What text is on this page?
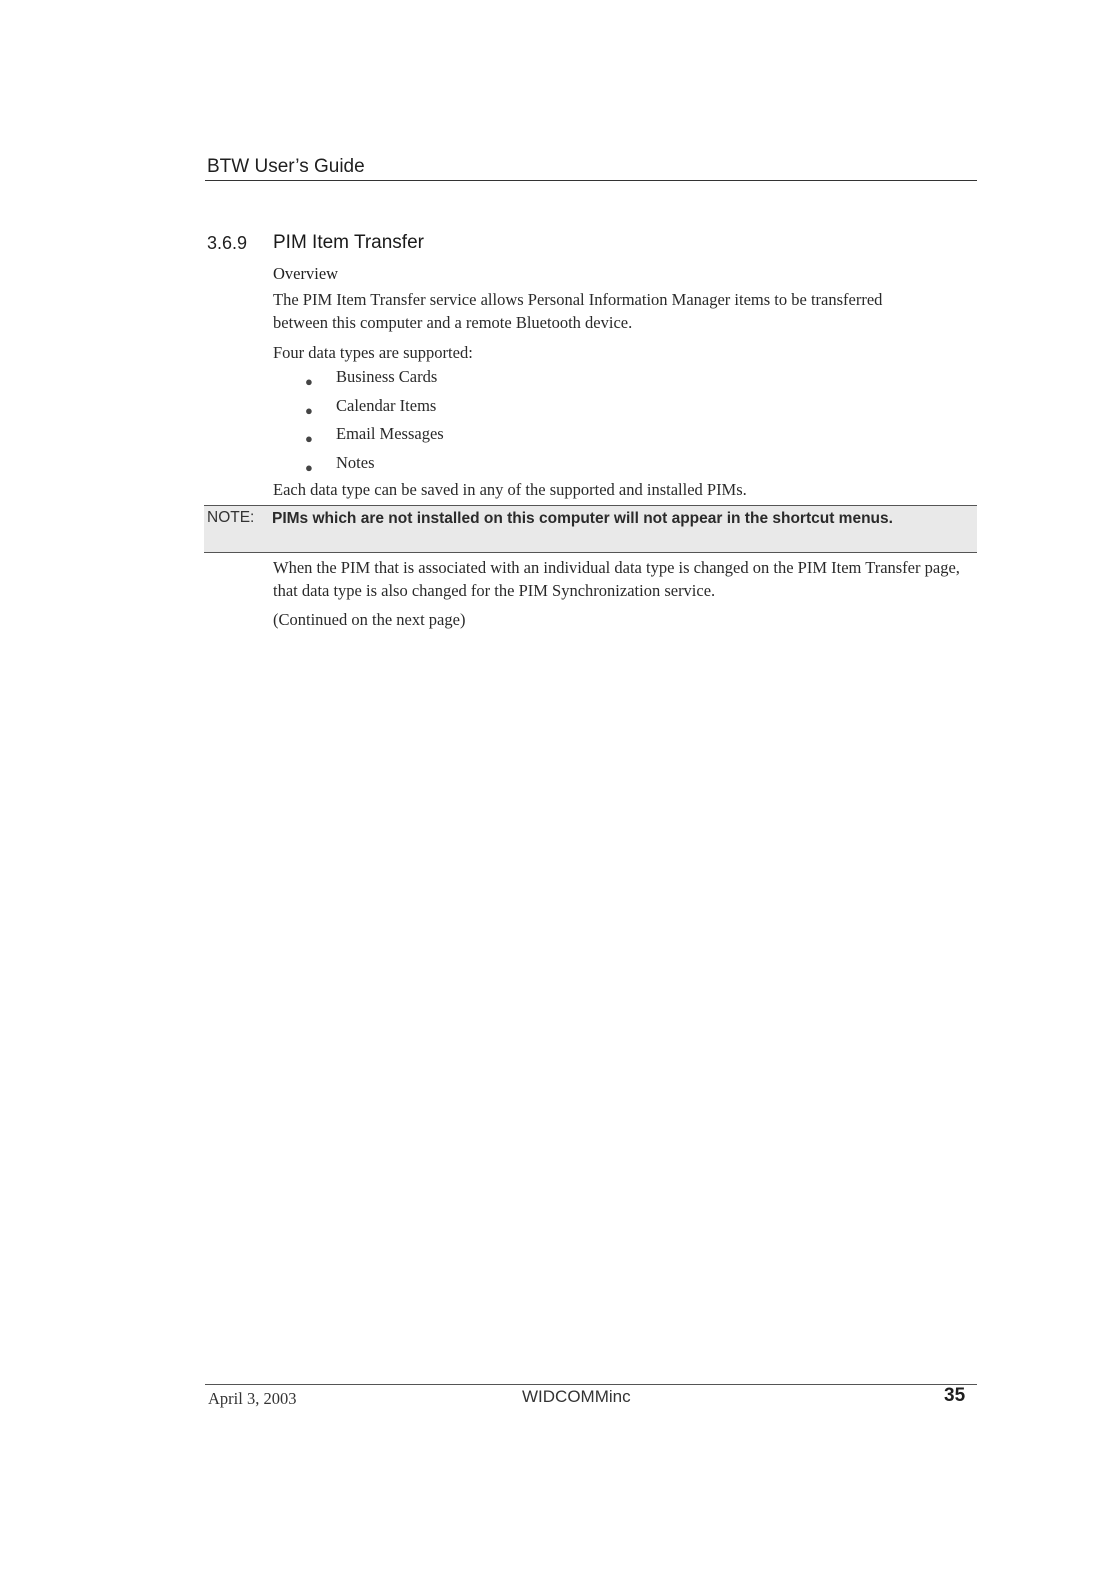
BTW User’s Guide
3.6.9 PIM Item Transfer
Overview
The PIM Item Transfer service allows Personal Information Manager items to be transferred between this computer and a remote Bluetooth device.
Four data types are supported:
● Business Cards
● Calendar Items
● Email Messages
● Notes
Each data type can be saved in any of the supported and installed PIMs.
NOTE: PIMs which are not installed on this computer will not appear in the shortcut menus.
When the PIM that is associated with an individual data type is changed on the PIM Item Transfer page, that data type is also changed for the PIM Synchronization service.
(Continued on the next page)
April 3, 2003	WIDCOMMinc	35
